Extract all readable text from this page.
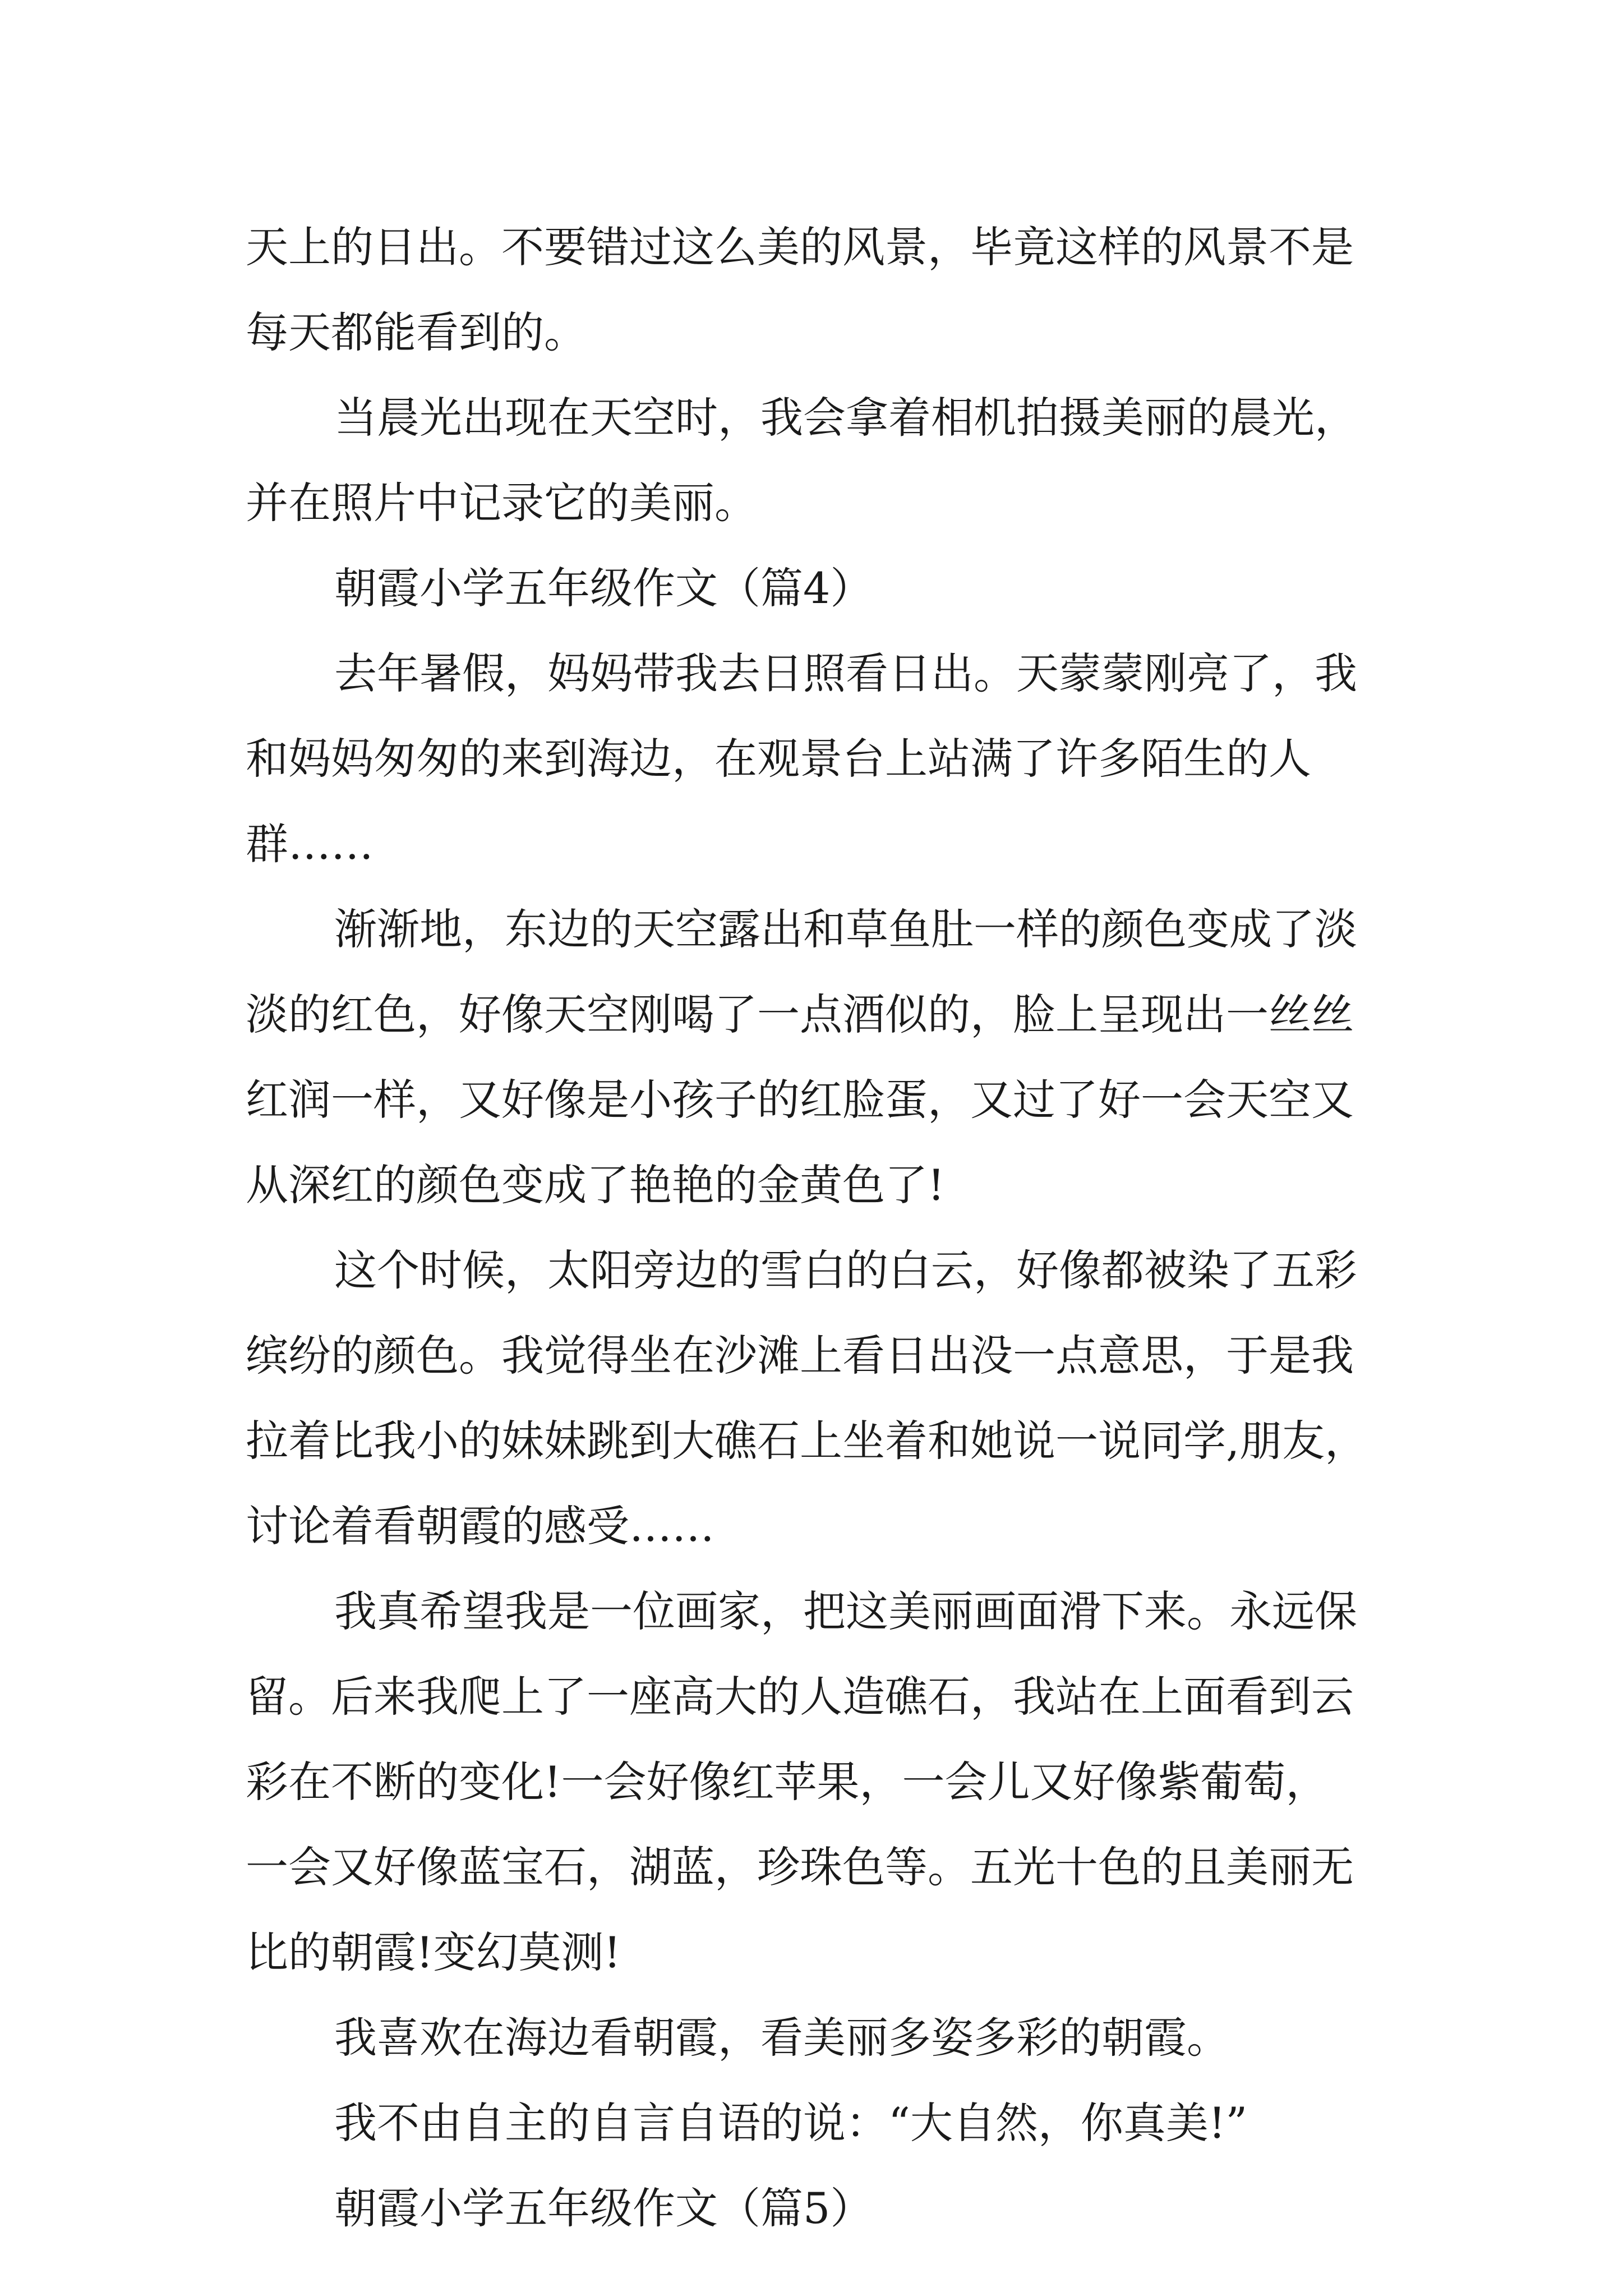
天上的日出。不要错过这么美的风景，毕竟这样的风景不是
每天都能看到的。

当晨光出现在天空时，我会拿着相机拍摄美丽的晨光，
并在照片中记录它的美丽。

朝霞小学五年级作文（篇4）

去年暑假，妈妈带我去日照看日出。天蒙蒙刚亮了，我
和妈妈匆匆的来到海边，在观景台上站满了许多陌生的人
群……

渐渐地，东边的天空露出和草鱼肚一样的颜色变成了淡
淡的红色，好像天空刚喝了一点酒似的，脸上呈现出一丝丝
红润一样，又好像是小孩子的红脸蛋，又过了好一会天空又
从深红的颜色变成了艳艳的金黄色了!

这个时候，太阳旁边的雪白的白云，好像都被染了五彩
缤纷的颜色。我觉得坐在沙滩上看日出没一点意思，于是我
拉着比我小的妹妹跳到大礁石上坐着和她说一说同学,朋友，
讨论着看朝霞的感受……

我真希望我是一位画家，把这美丽画面滑下来。永远保
留。后来我爬上了一座高大的人造礁石，我站在上面看到云
彩在不断的变化!一会好像红苹果，一会儿又好像紫葡萄，
一会又好像蓝宝石，湖蓝，珍珠色等。五光十色的且美丽无
比的朝霞!变幻莫测!

我喜欢在海边看朝霞，看美丽多姿多彩的朝霞。

我不由自主的自言自语的说：“大自然，你真美!”

朝霞小学五年级作文（篇5）
